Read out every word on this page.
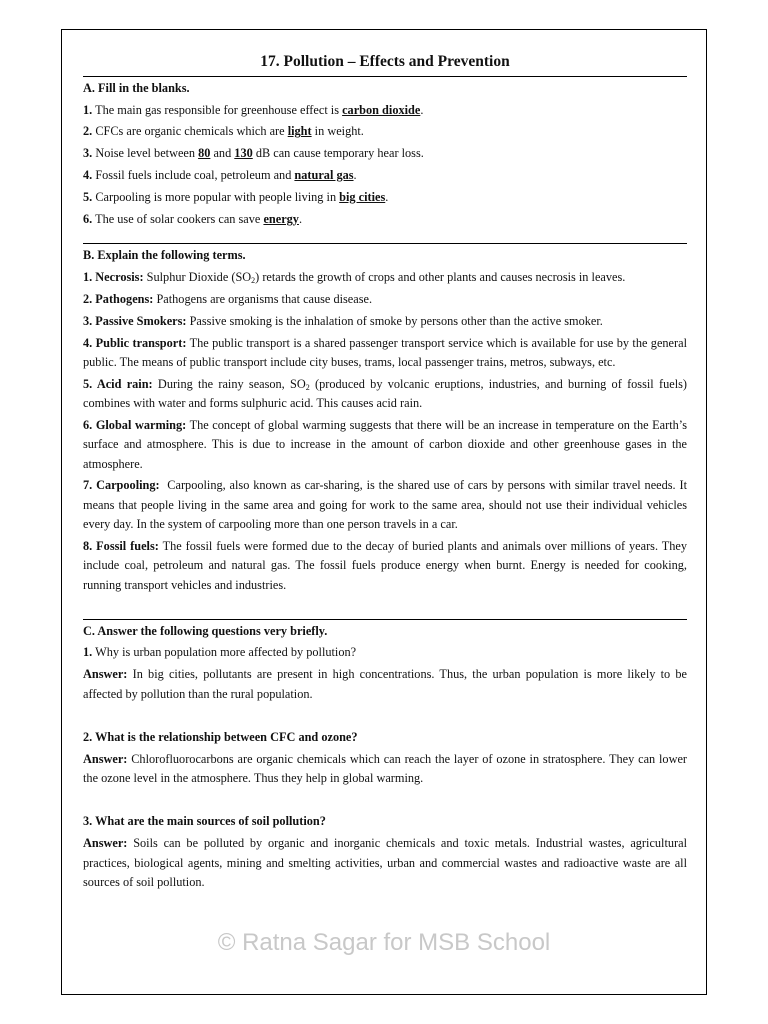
17. Pollution – Effects and Prevention
A. Fill in the blanks.
1. The main gas responsible for greenhouse effect is carbon dioxide.
2. CFCs are organic chemicals which are light in weight.
3. Noise level between 80 and 130 dB can cause temporary hear loss.
4. Fossil fuels include coal, petroleum and natural gas.
5. Carpooling is more popular with people living in big cities.
6. The use of solar cookers can save energy.
B. Explain the following terms.
1. Necrosis: Sulphur Dioxide $(SO_2)$ retards the growth of crops and other plants and causes necrosis in leaves.
2. Pathogens: Pathogens are organisms that cause disease.
3. Passive Smokers: Passive smoking is the inhalation of smoke by persons other than the active smoker.
4. Public transport: The public transport is a shared passenger transport service which is available for use by the general public. The means of public transport include city buses, trams, local passenger trains, metros, subways, etc.
5. Acid rain: During the rainy season, $SO_2$ (produced by volcanic eruptions, industries, and burning of fossil fuels) combines with water and forms sulphuric acid. This causes acid rain.
6. Global warming: The concept of global warming suggests that there will be an increase in temperature on the Earth’s surface and atmosphere. This is due to increase in the amount of carbon dioxide and other greenhouse gases in the atmosphere.
7. Carpooling:  Carpooling, also known as car-sharing, is the shared use of cars by persons with similar travel needs. It means that people living in the same area and going for work to the same area, should not use their individual vehicles every day. In the system of carpooling more than one person travels in a car.
8. Fossil fuels: The fossil fuels were formed due to the decay of buried plants and animals over millions of years. They include coal, petroleum and natural gas. The fossil fuels produce energy when burnt. Energy is needed for cooking, running transport vehicles and industries.
C. Answer the following questions very briefly.
1. Why is urban population more affected by pollution?
Answer: In big cities, pollutants are present in high concentrations. Thus, the urban population is more likely to be affected by pollution than the rural population.
2. What is the relationship between CFC and ozone?
Answer: Chlorofluorocarbons are organic chemicals which can reach the layer of ozone in stratosphere. They can lower the ozone level in the atmosphere. Thus they help in global warming.
3. What are the main sources of soil pollution?
Answer: Soils can be polluted by organic and inorganic chemicals and toxic metals. Industrial wastes, agricultural practices, biological agents, mining and smelting activities, urban and commercial wastes and radioactive waste are all sources of soil pollution.
© Ratna Sagar for MSB School
